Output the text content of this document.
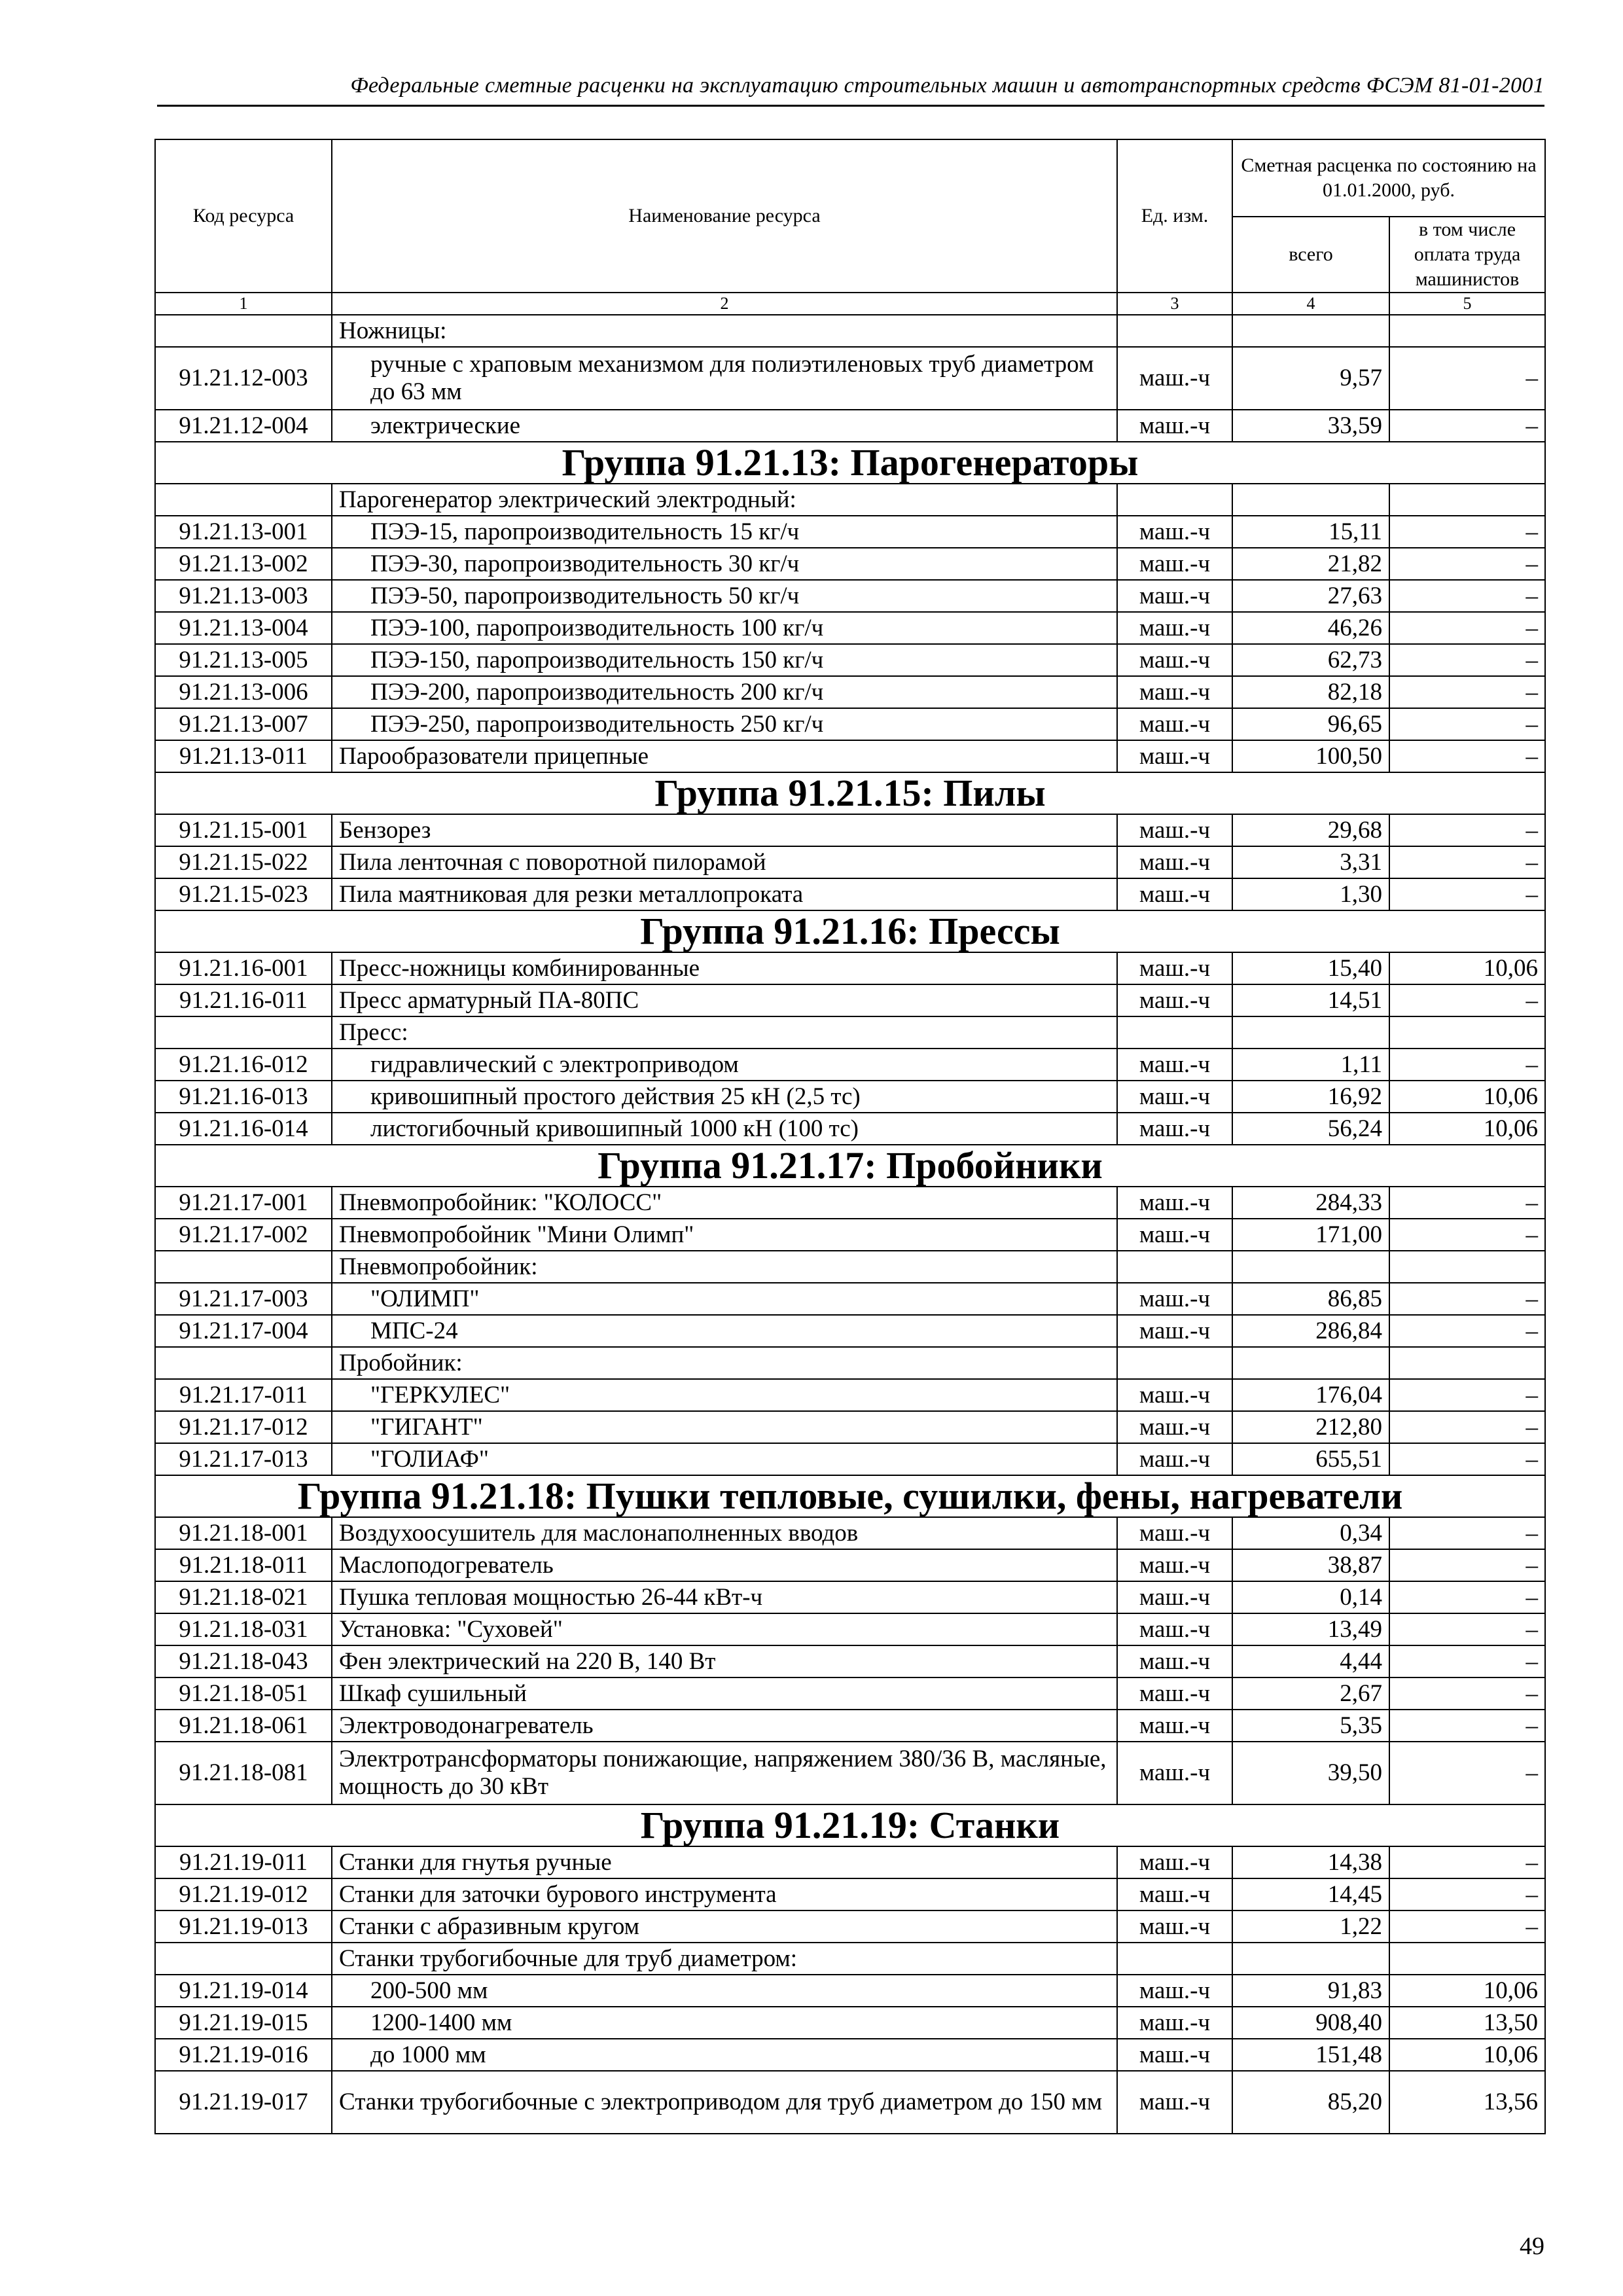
Федеральные сметные расценки на эксплуатацию строительных машин и автотранспортных средств ФСЭМ 81-01-2001
Код ресурса	Наименование ресурса	Ед. изм.	Сметная расценка по состоянию на 01.01.2000, руб.	
			всего	в том числе оплата труда машинистов
1	2	3	4	5
	Ножницы:			
91.21.12-003	ручные с храповым механизмом для полиэтиленовых труб диаметром до 63 мм	маш.-ч	9,57	–
91.21.12-004	электрические	маш.-ч	33,59	–
Группа 91.21.13: Парогенераторы				
	Парогенератор электрический электродный:			
91.21.13-001	ПЭЭ-15, паропроизводительность 15 кг/ч	маш.-ч	15,11	–
91.21.13-002	ПЭЭ-30, паропроизводительность 30 кг/ч	маш.-ч	21,82	–
91.21.13-003	ПЭЭ-50, паропроизводительность 50 кг/ч	маш.-ч	27,63	–
91.21.13-004	ПЭЭ-100, паропроизводительность 100 кг/ч	маш.-ч	46,26	–
91.21.13-005	ПЭЭ-150, паропроизводительность 150 кг/ч	маш.-ч	62,73	–
91.21.13-006	ПЭЭ-200, паропроизводительность 200 кг/ч	маш.-ч	82,18	–
91.21.13-007	ПЭЭ-250, паропроизводительность 250 кг/ч	маш.-ч	96,65	–
91.21.13-011	Парообразователи прицепные	маш.-ч	100,50	–
Группа 91.21.15: Пилы				
91.21.15-001	Бензорез	маш.-ч	29,68	–
91.21.15-022	Пила ленточная с поворотной пилорамой	маш.-ч	3,31	–
91.21.15-023	Пила маятниковая для резки металлопроката	маш.-ч	1,30	–
Группа 91.21.16: Прессы				
91.21.16-001	Пресс-ножницы комбинированные	маш.-ч	15,40	10,06
91.21.16-011	Пресс арматурный ПА-80ПС	маш.-ч	14,51	–
	Пресс:			
91.21.16-012	гидравлический с электроприводом	маш.-ч	1,11	–
91.21.16-013	кривошипный простого действия 25 кН (2,5 тс)	маш.-ч	16,92	10,06
91.21.16-014	листогибочный кривошипный 1000 кН (100 тс)	маш.-ч	56,24	10,06
Группа 91.21.17: Пробойники				
91.21.17-001	Пневмопробойник: "КОЛОСС"	маш.-ч	284,33	–
91.21.17-002	Пневмопробойник "Мини Олимп"	маш.-ч	171,00	–
	Пневмопробойник:			
91.21.17-003	"ОЛИМП"	маш.-ч	86,85	–
91.21.17-004	МПС-24	маш.-ч	286,84	–
	Пробойник:			
91.21.17-011	"ГЕРКУЛЕС"	маш.-ч	176,04	–
91.21.17-012	"ГИГАНТ"	маш.-ч	212,80	–
91.21.17-013	"ГОЛИАФ"	маш.-ч	655,51	–
Группа 91.21.18: Пушки тепловые, сушилки, фены, нагреватели				
91.21.18-001	Воздухоосушитель для маслонаполненных вводов	маш.-ч	0,34	–
91.21.18-011	Маслоподогреватель	маш.-ч	38,87	–
91.21.18-021	Пушка тепловая мощностью 26-44 кВт-ч	маш.-ч	0,14	–
91.21.18-031	Установка: "Суховей"	маш.-ч	13,49	–
91.21.18-043	Фен электрический на 220 В, 140 Вт	маш.-ч	4,44	–
91.21.18-051	Шкаф сушильный	маш.-ч	2,67	–
91.21.18-061	Электроводонагреватель	маш.-ч	5,35	–
91.21.18-081	Электротрансформаторы понижающие, напряжением 380/36 В, масляные, мощность до 30 кВт	маш.-ч	39,50	–
Группа 91.21.19: Станки				
91.21.19-011	Станки для гнутья ручные	маш.-ч	14,38	–
91.21.19-012	Станки для заточки бурового инструмента	маш.-ч	14,45	–
91.21.19-013	Станки с абразивным кругом	маш.-ч	1,22	–
	Станки трубогибочные для труб диаметром:			
91.21.19-014	200-500 мм	маш.-ч	91,83	10,06
91.21.19-015	1200-1400 мм	маш.-ч	908,40	13,50
91.21.19-016	до 1000 мм	маш.-ч	151,48	10,06
91.21.19-017	Станки трубогибочные с электроприводом для труб диаметром до 150 мм	маш.-ч	85,20	13,56
49
